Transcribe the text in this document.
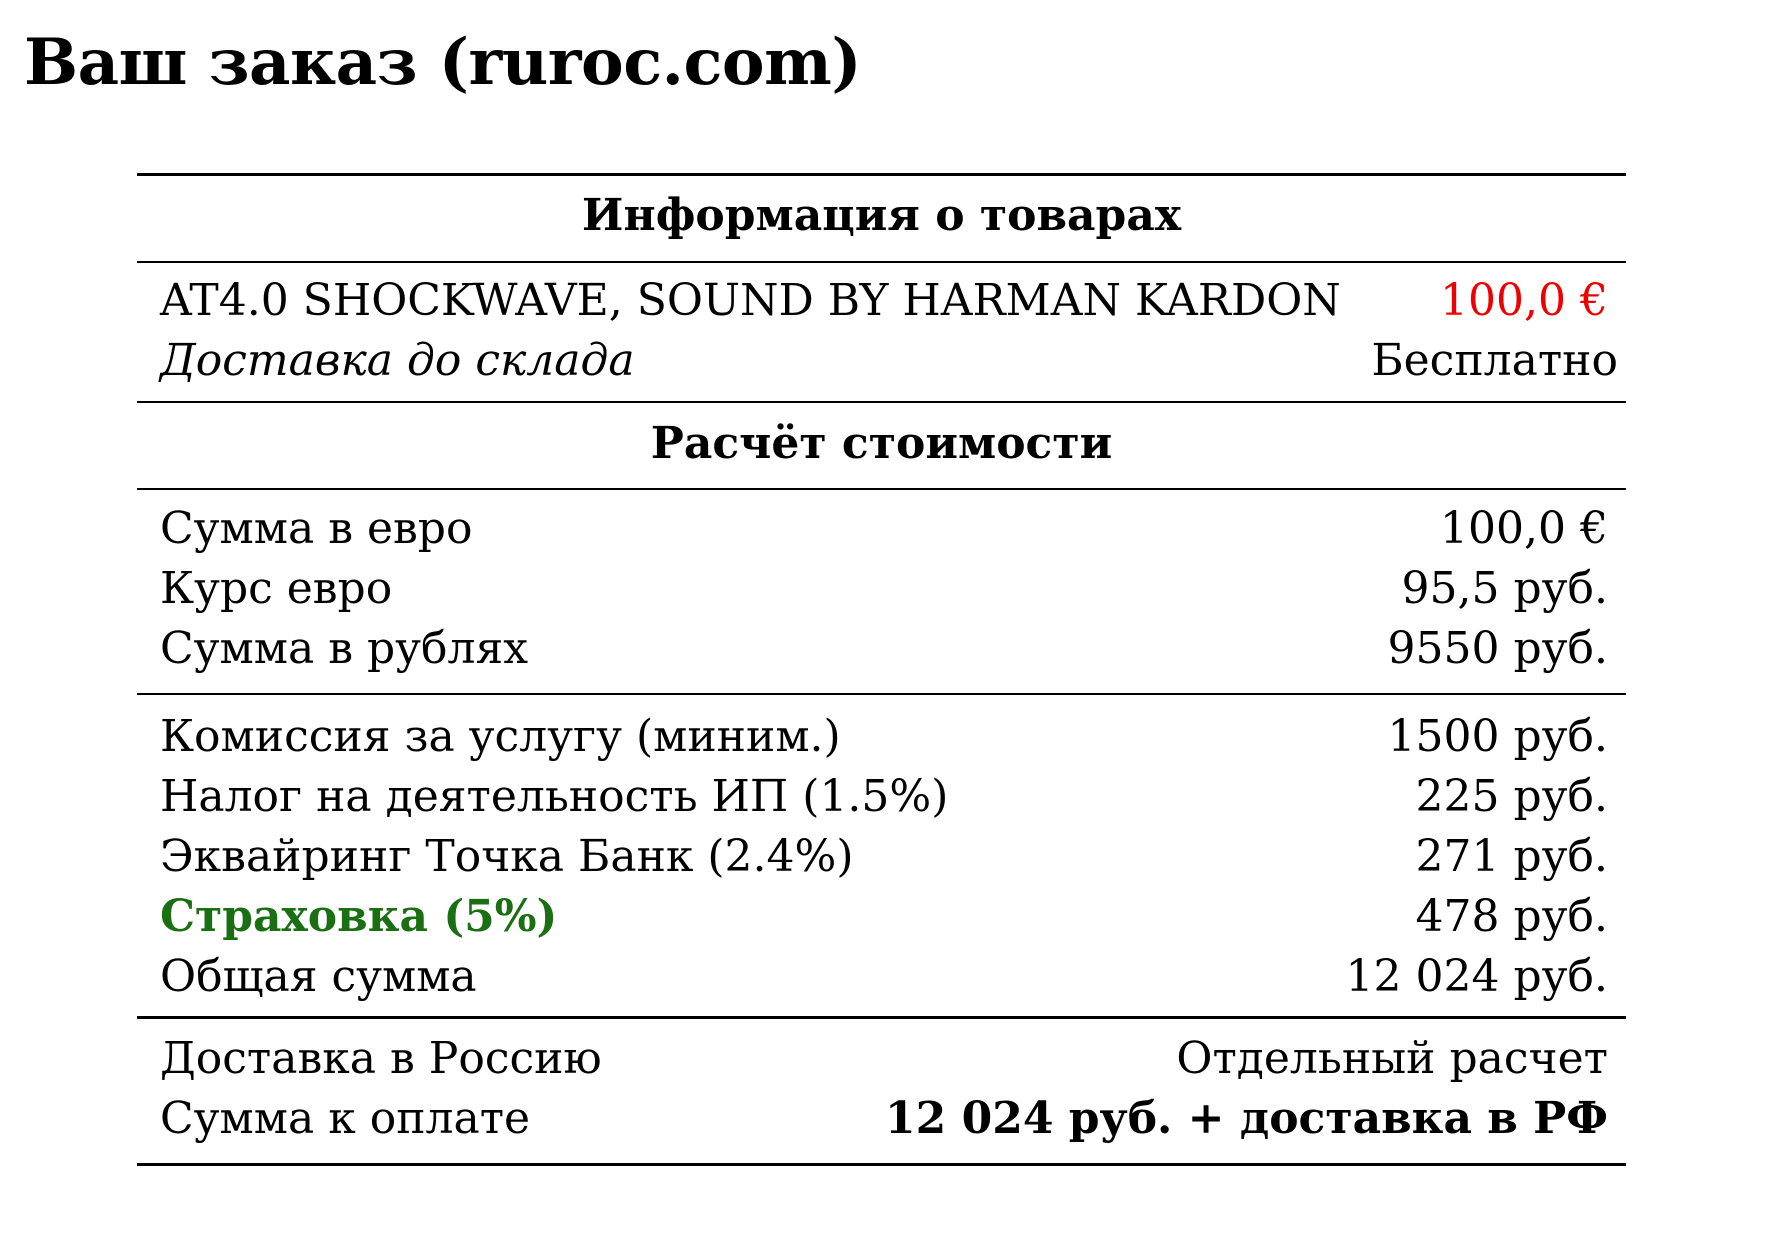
Ваш заказ (ruroc.com)
Информация о товарах
AT4.0 SHOCKWAVE, SOUND BY HARMAN KARDON 100,0 €
Доставка до склада	Бесплатно
Расчёт стоимости
Сумма в евро	100,0 €
Курс евро	95,5 руб.
Сумма в рублях	9550 руб.
Комиссия за услугу (миним.)	1500 руб.
Налог на деятельность ИП (1.5%)	225 руб.
Эквайринг Точка Банк (2.4%)	271 руб.
Страховка (5%)	478 руб.
Общая сумма	12 024 руб.
Доставка в Россию	Отдельный расчет
Сумма к оплате	12 024 руб. + доставка в РФ
